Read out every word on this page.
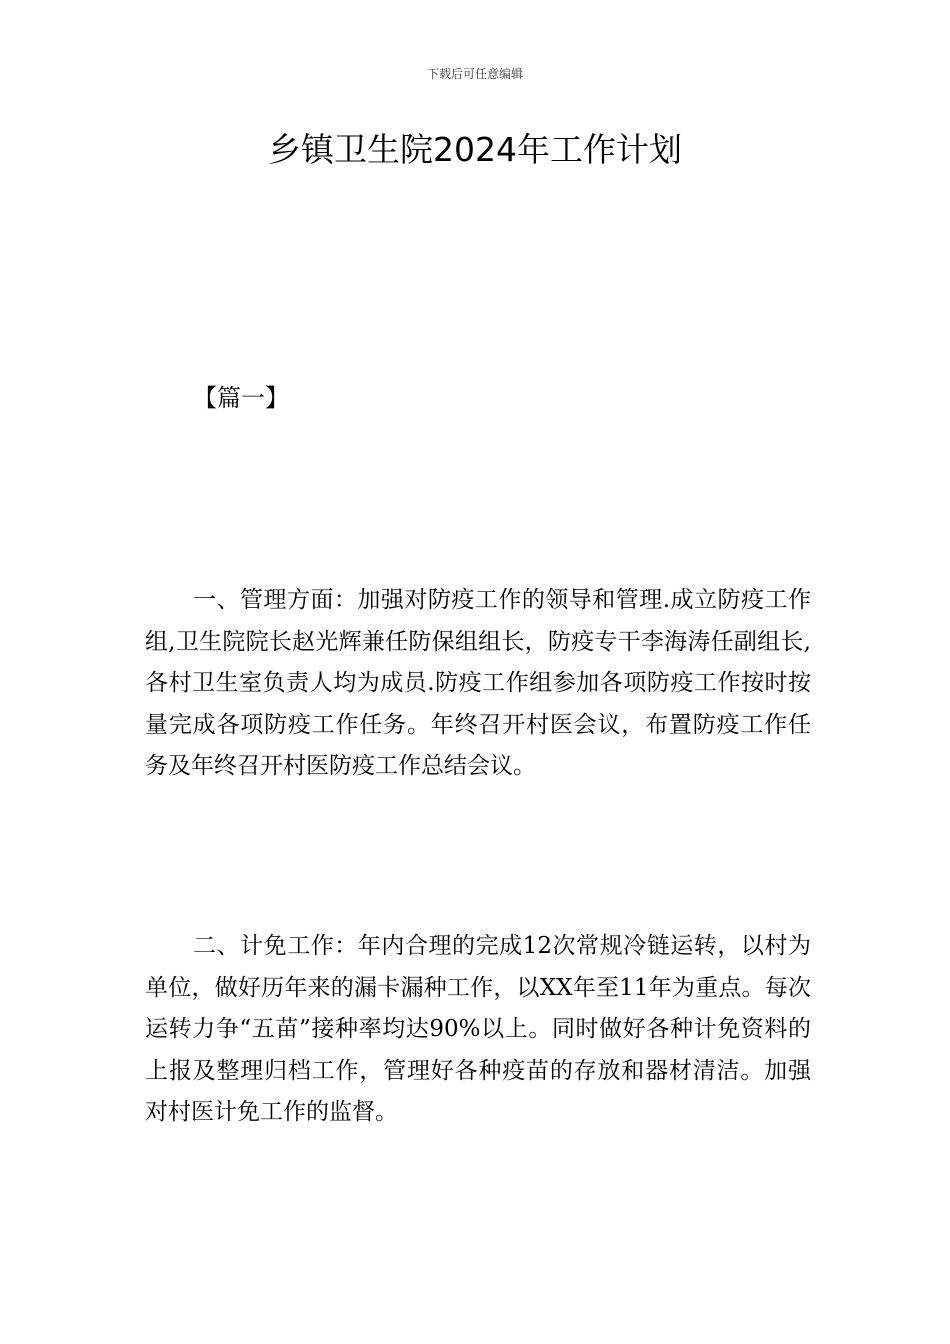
下载后可任意编辑
乡镇卫生院2024年工作计划
【篇一】

一、管理方面：加强对防疫工作的领导和管理.成立防疫工作组,卫生院院长赵光辉兼任防保组组长，防疫专干李海涛任副组长,各村卫生室负责人均为成员.防疫工作组参加各项防疫工作按时按量完成各项防疫工作任务。年终召开村医会议，布置防疫工作任务及年终召开村医防疫工作总结会议。

二、计免工作：年内合理的完成12次常规冷链运转，以村为单位，做好历年来的漏卡漏种工作，以XX年至11年为重点。每次运转力争“五苗”接种率均达90%以上。同时做好各种计免资料的上报及整理归档工作，管理好各种疫苗的存放和器材清洁。加强对村医计免工作的监督。
